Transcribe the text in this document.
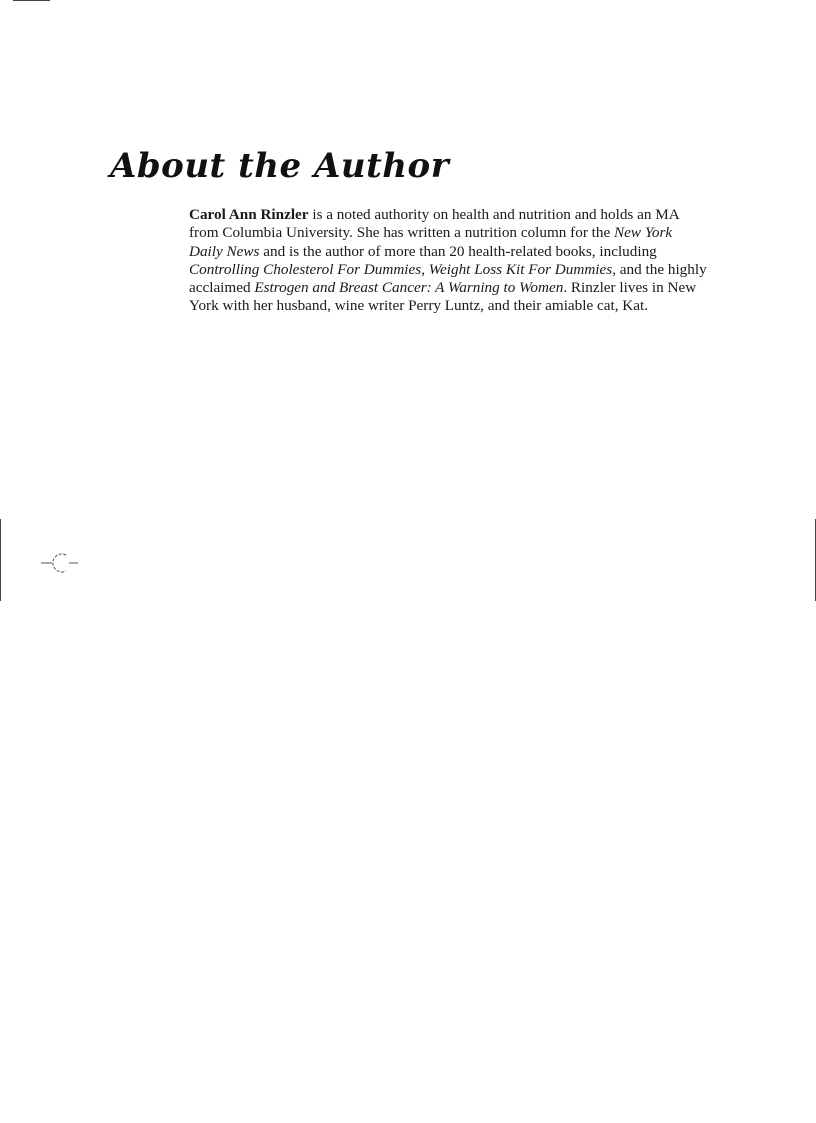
About the Author

Carol Ann Rinzler is a noted authority on health and nutrition and holds an MA from Columbia University. She has written a nutrition column for the New York Daily News and is the author of more than 20 health-related books, including Controlling Cholesterol For Dummies, Weight Loss Kit For Dummies, and the highly acclaimed Estrogen and Breast Cancer: A Warning to Women. Rinzler lives in New York with her husband, wine writer Perry Luntz, and their amiable cat, Kat.
